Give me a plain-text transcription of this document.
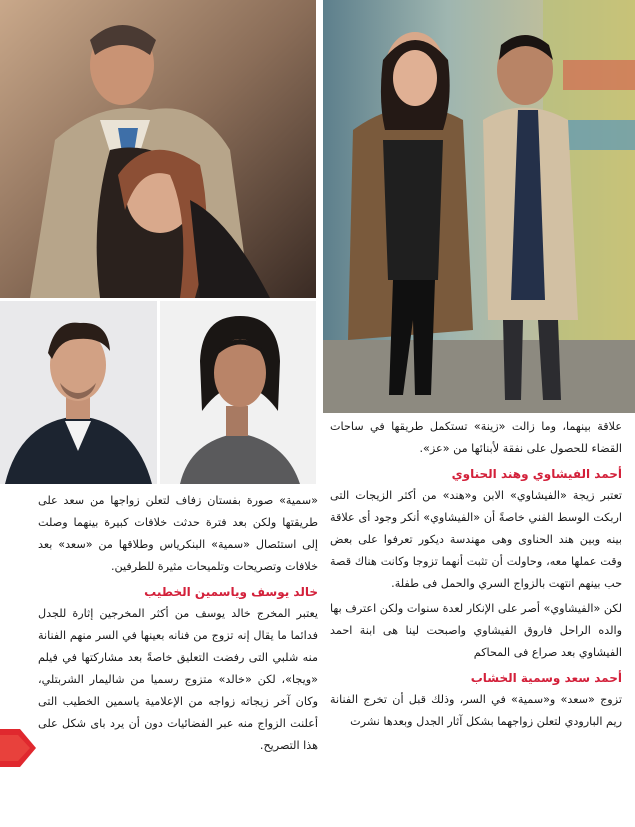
علاقة بينهما، وما زالت «زينة» تستكمل طريقها في ساحات القضاء للحصول على نفقة لأبنائها من «عز».

أحمد الفيشاوي وهند الحناوي

تعتبر زيجة «الفيشاوي» الابن و«هند» من أكثر الزيجات التى اربكت الوسط الفني خاصةً أن «الفيشاوي» أنكر وجود أى علاقة بينه وبين هند الحناوى وهى مهندسة ديكور تعرفوا على بعض وقت عملها معه، وحاولت أن تثبت أنهما تزوجا وكانت هناك قصة حب بينهم انتهت بالزواج السري والحمل فى طفلة.

لكن «الفيشاوي» أصر على الإنكار لعدة سنوات ولكن اعترف بها والده الراحل فاروق الفيشاوي واصبحت لينا هى ابنة احمد الفيشاوي بعد صراع فى المحاكم

أحمد سعد وسمية الخشاب

تزوج «سعد» و«سمية» في السر، وذلك قبل أن تخرج الفنانة ريم البارودي لتعلن زواجهما بشكل آثار الجدل وبعدها نشرت

«سمية» صورة بفستان زفاف لتعلن زواجها من سعد على طريقتها ولكن بعد فترة حدثت خلافات كبيرة بينهما وصلت إلى استئصال «سمية» البنكرياس وطلاقها من «سعد» بعد خلافات وتصريحات وتلميحات مثيرة للطرفين.

خالد يوسف وياسمين الخطيب

يعتبر المخرج خالد يوسف من أكثر المخرجين إثارة للجدل فدائما ما يقال إنه تزوج من فنانه بعينها في السر منهم الفنانة منه شلبي التى رفضت التعليق خاصةً بعد مشاركتها في فيلم «ويجا»، لكن «خالد» متزوج رسميا من شاليمار الشربتلي، وكان آخر زيجاته زواجه من الإعلامية ياسمين الخطيب التى أعلنت الزواج منه عبر الفضائيات دون أن يرد باى شكل على هذا التصريح.
